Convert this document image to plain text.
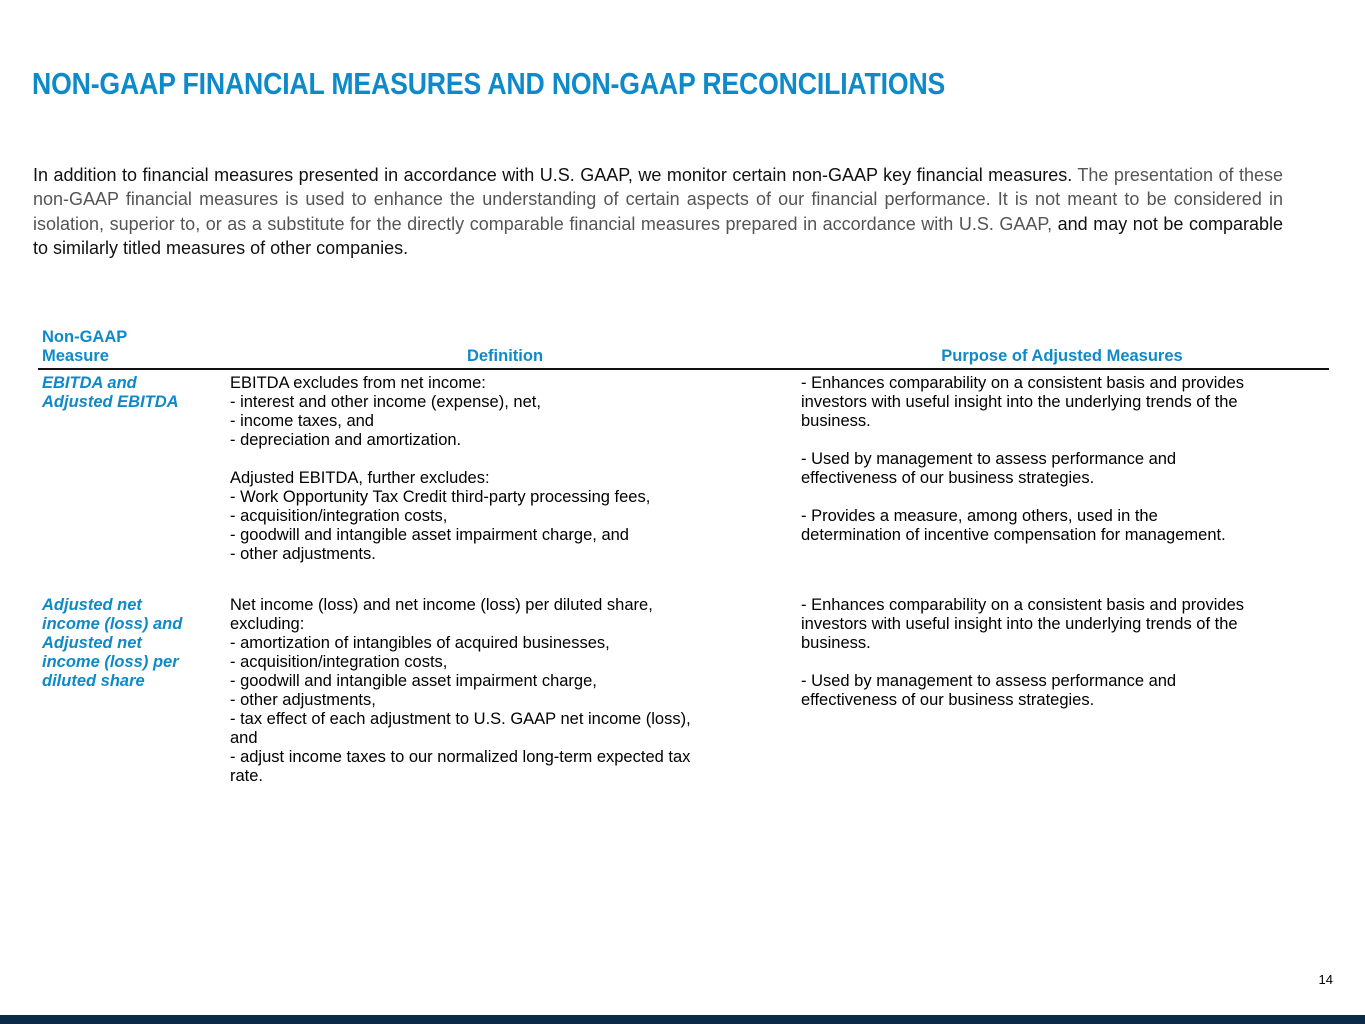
NON-GAAP FINANCIAL MEASURES AND NON-GAAP RECONCILIATIONS

In addition to financial measures presented in accordance with U.S. GAAP, we monitor certain non-GAAP key financial measures. The presentation of these non-GAAP financial measures is used to enhance the understanding of certain aspects of our financial performance. It is not meant to be considered in isolation, superior to, or as a substitute for the directly comparable financial measures prepared in accordance with U.S. GAAP, and may not be comparable to similarly titled measures of other companies.

Non-GAAP
Measure	Definition	Purpose of Adjusted Measures
EBITDA and
Adjusted EBITDA
EBITDA excludes from net income:
- interest and other income (expense), net,
- income taxes, and
- depreciation and amortization.
Adjusted EBITDA, further excludes:
- Work Opportunity Tax Credit third-party processing fees,
- acquisition/integration costs,
- goodwill and intangible asset impairment charge, and
- other adjustments.
- Enhances comparability on a consistent basis and provides
investors with useful insight into the underlying trends of the
business.
- Used by management to assess performance and
effectiveness of our business strategies.
- Provides a measure, among others, used in the
determination of incentive compensation for management.
Adjusted net
income (loss) and
Adjusted net
income (loss) per
diluted share
Net income (loss) and net income (loss) per diluted share,
excluding:
- amortization of intangibles of acquired businesses,
- acquisition/integration costs,
- goodwill and intangible asset impairment charge,
- other adjustments,
- tax effect of each adjustment to U.S. GAAP net income (loss),
and
- adjust income taxes to our normalized long-term expected tax
rate.
- Enhances comparability on a consistent basis and provides
investors with useful insight into the underlying trends of the
business.
- Used by management to assess performance and
effectiveness of our business strategies.
14
